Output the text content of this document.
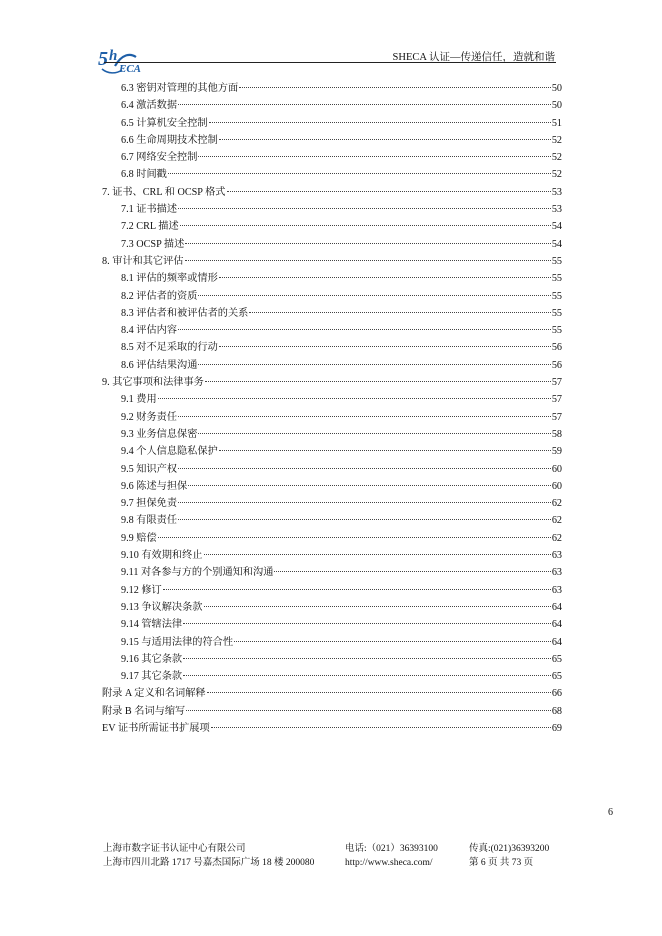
5 h
ECA
SHECA 认证—传递信任，造就和谐
6.3 密钥对管理的其他方面	50
6.4 激活数据	50
6.5 计算机安全控制	51
6.6 生命周期技术控制	52
6.7 网络安全控制	52
6.8 时间戳	52
7. 证书、CRL 和 OCSP 格式	53
7.1 证书描述	53
7.2 CRL 描述	54
7.3 OCSP 描述	54
8. 审计和其它评估	55
8.1 评估的频率或情形	55
8.2 评估者的资质	55
8.3 评估者和被评估者的关系	55
8.4 评估内容	55
8.5 对不足采取的行动	56
8.6 评估结果沟通	56
9. 其它事项和法律事务	57
9.1 费用	57
9.2 财务责任	57
9.3 业务信息保密	58
9.4 个人信息隐私保护	59
9.5 知识产权	60
9.6 陈述与担保	60
9.7 担保免责	62
9.8 有限责任	62
9.9 赔偿	62
9.10 有效期和终止	63
9.11 对各参与方的个别通知和沟通	63
9.12 修订	63
9.13 争议解决条款	64
9.14 管辖法律	64
9.15 与适用法律的符合性	64
9.16 其它条款	65
9.17 其它条款	65
附录 A 定义和名词解释	66
附录 B 名词与缩写	68
EV 证书所需证书扩展项	69
6
上海市数字证书认证中心有限公司	电话:（021）36393100	传真:(021)36393200
上海市四川北路 1717 号嘉杰国际广场 18 楼 200080	http://www.sheca.com/	第 6 页 共 73 页
